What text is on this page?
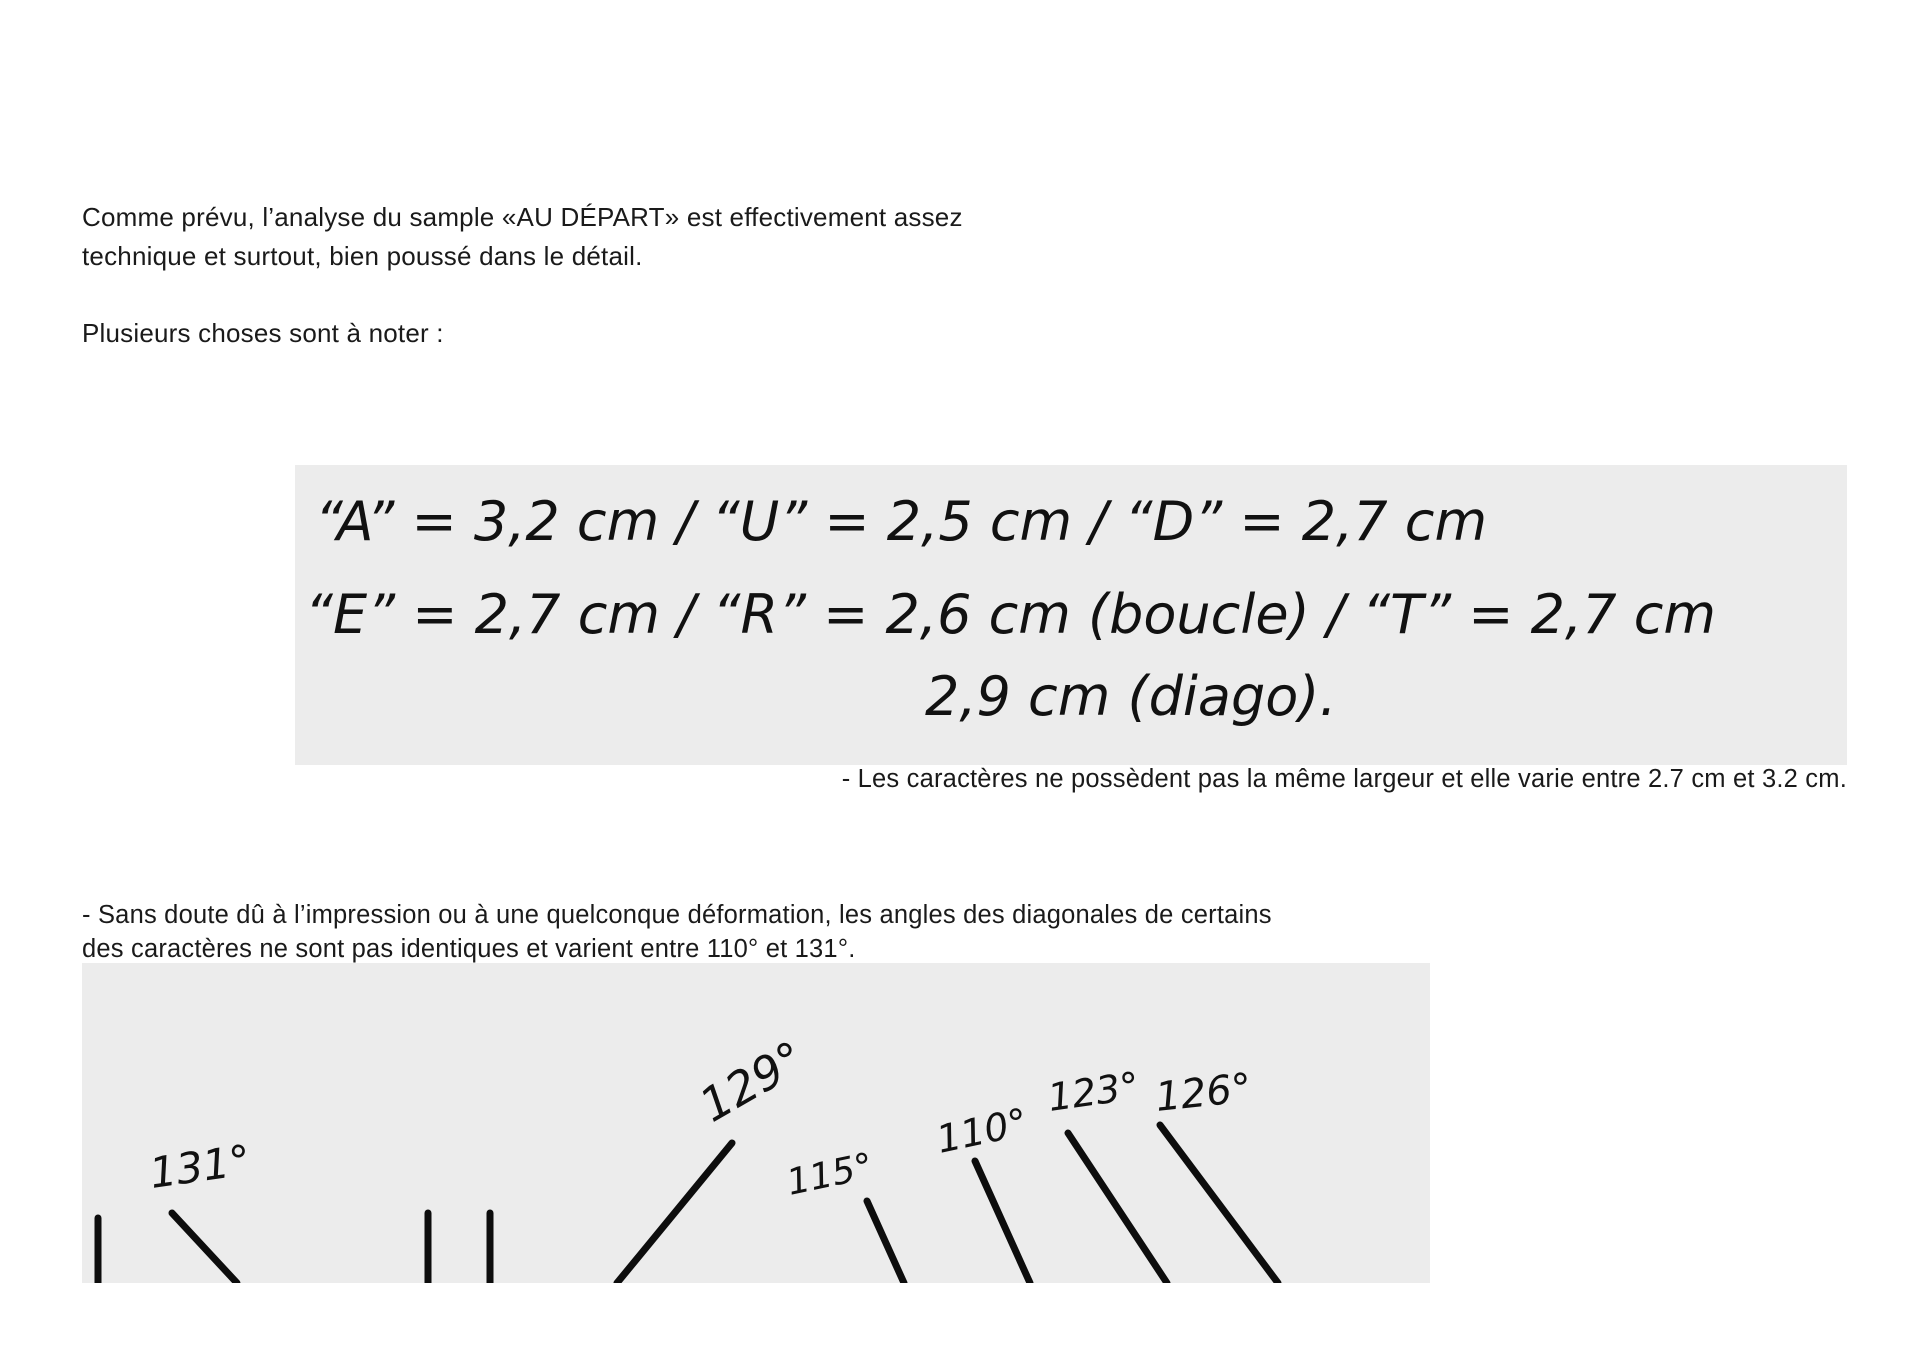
Comme prévu, l’analyse du sample «AU DÉPART» est effectivement assez
technique et surtout, bien poussé dans le détail.
Plusieurs choses sont à noter :
“A” = 3,2 cm / “U” = 2,5 cm / “D” = 2,7 cm
“E” = 2,7 cm / “R” = 2,6 cm (boucle) / “T” = 2,7 cm
2,9 cm (diago).
- Les caractères ne possèdent pas la même largeur et elle varie entre 2.7 cm et 3.2 cm.
- Sans doute dû à l’impression ou à une quelconque déformation, les angles des diagonales de certains
des caractères ne sont pas identiques et varient entre 110° et 131°.
131°
129°
115°
110°
123° 126°
